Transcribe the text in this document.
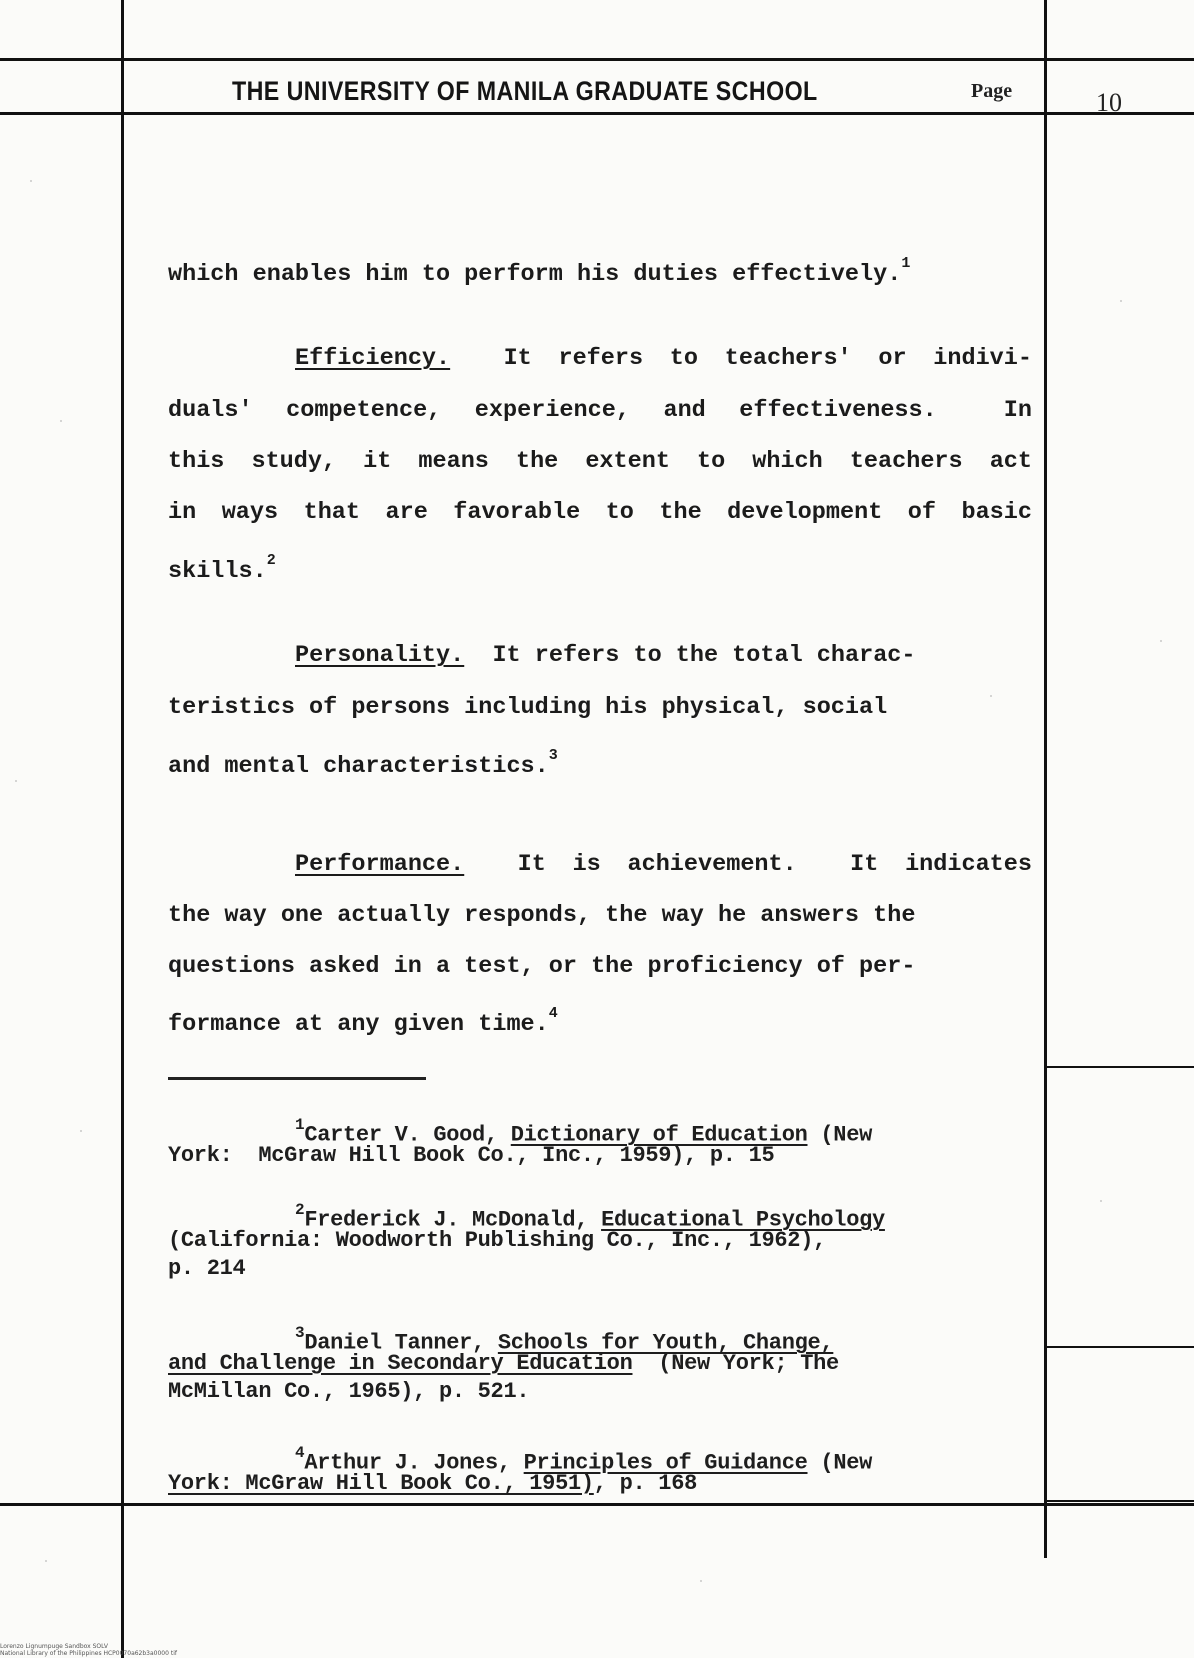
THE UNIVERSITY OF MANILA GRADUATE SCHOOL	Page	10
which enables him to perform his duties effectively.$^1$
Efficiency.  It refers to teachers' or indivi-
duals' competence, experience, and effectiveness.  In
this study, it means the extent to which teachers act
in ways that are favorable to the development of basic
skills.$^2$
Personality.  It refers to the total charac-
teristics of persons including his physical, social
and mental characteristics.$^3$
Performance.  It is achievement.  It indicates
the way one actually responds, the way he answers the
questions asked in a test, or the proficiency of per-
formance at any given time.$^4$
$^1$Carter V. Good, Dictionary of Education (New
York:  McGraw Hill Book Co., Inc., 1959), p. 15
$^2$Frederick J. McDonald, Educational Psychology
(California: Woodworth Publishing Co., Inc., 1962),
p. 214
$^3$Daniel Tanner, Schools for Youth, Change,
and Challenge in Secondary Education  (New York; The
McMillan Co., 1965), p. 521.
$^4$Arthur J. Jones, Principles of Guidance (New
York: McGraw Hill Book Co., 1951), p. 168
Lorenzo Lignumpuge Sandbox SOLV
National Library of the Philippines HCP0070a62b3a0000 tif
